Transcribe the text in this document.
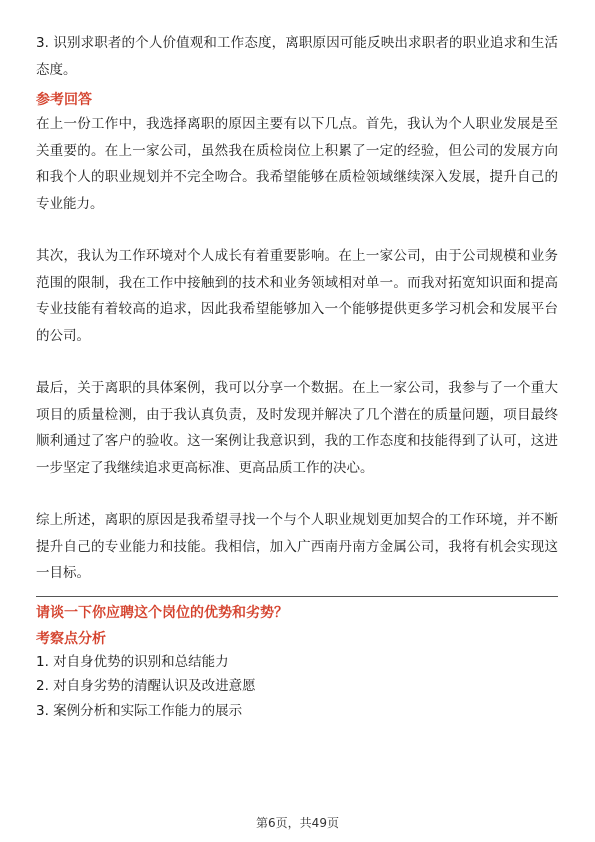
3. 识别求职者的个人价值观和工作态度，离职原因可能反映出求职者的职业追求和生活态度。

参考回答

在上一份工作中，我选择离职的原因主要有以下几点。首先，我认为个人职业发展是至关重要的。在上一家公司，虽然我在质检岗位上积累了一定的经验，但公司的发展方向和我个人的职业规划并不完全吻合。我希望能够在质检领域继续深入发展，提升自己的专业能力。

其次，我认为工作环境对个人成长有着重要影响。在上一家公司，由于公司规模和业务范围的限制，我在工作中接触到的技术和业务领域相对单一。而我对拓宽知识面和提高专业技能有着较高的追求，因此我希望能够加入一个能够提供更多学习机会和发展平台的公司。

最后，关于离职的具体案例，我可以分享一个数据。在上一家公司，我参与了一个重大项目的质量检测，由于我认真负责，及时发现并解决了几个潜在的质量问题，项目最终顺利通过了客户的验收。这一案例让我意识到，我的工作态度和技能得到了认可，这进一步坚定了我继续追求更高标准、更高品质工作的决心。

综上所述，离职的原因是我希望寻找一个与个人职业规划更加契合的工作环境，并不断提升自己的专业能力和技能。我相信，加入广西南丹南方金属公司，我将有机会实现这一目标。

请谈一下你应聘这个岗位的优势和劣势？

考察点分析

1. 对自身优势的识别和总结能力

2. 对自身劣势的清醒认识及改进意愿

3. 案例分析和实际工作能力的展示

第6页，共49页
